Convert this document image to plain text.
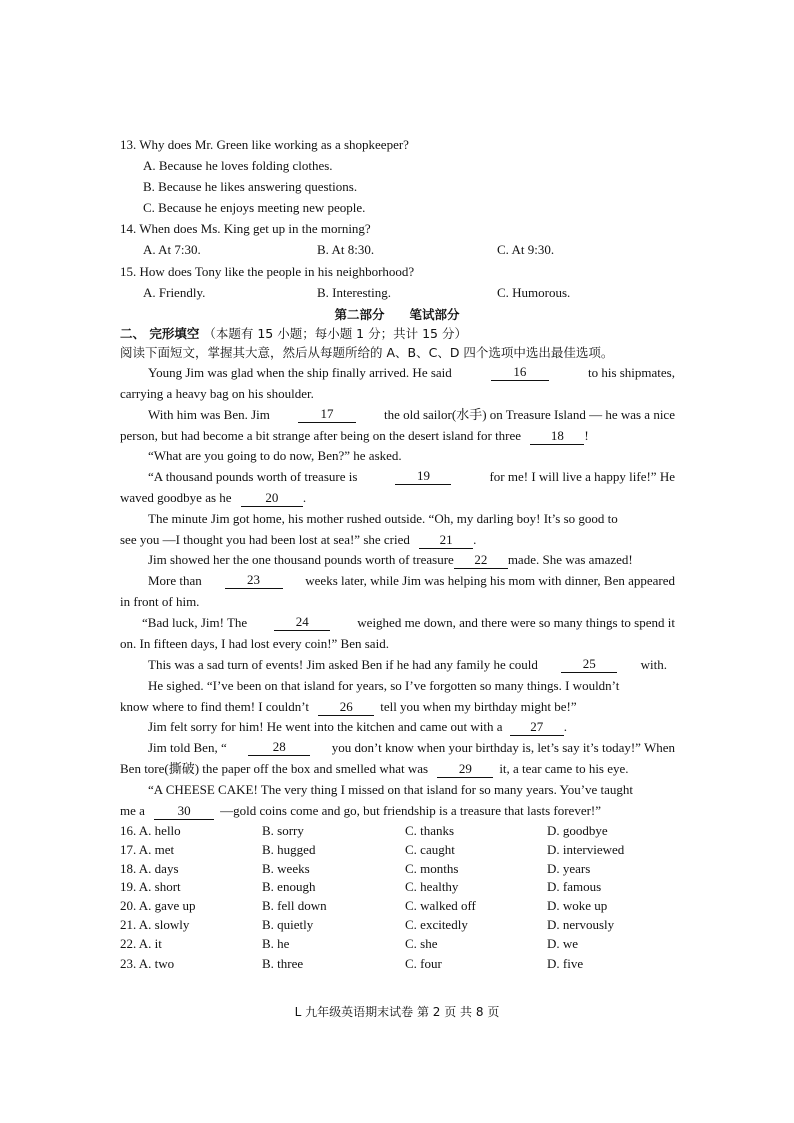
13. Why does Mr. Green like working as a shopkeeper?
A. Because he loves folding clothes.
B. Because he likes answering questions.
C. Because he enjoys meeting new people.
14. When does Ms. King get up in the morning?
A. At 7:30.	B. At 8:30.	C. At 9:30.
15. How does Tony like the people in his neighborhood?
A. Friendly.	B. Interesting.	C. Humorous.
第二部分　　笔试部分
二、 完形填空 （本题有 15 小题；每小题 1 分；共计 15 分）
阅读下面短文，掌握其大意，然后从每题所给的 A、B、C、D 四个选项中选出最佳选项。
Young Jim was glad when the ship finally arrived. He said	16	to his shipmates,
carrying a heavy bag on his shoulder.
With him was Ben. Jim	17	the old sailor(水手) on Treasure Island — he was a nice
person, but had become a bit strange after being on the desert island for three 18 !
“What are you going to do now, Ben?” he asked.
“A thousand pounds worth of treasure is	19	for me! I will live a happy life!” He
waved goodbye as he	20 .
The minute Jim got home, his mother rushed outside. “Oh, my darling boy! It’s so good to
see you —I thought you had been lost at sea!” she cried 21 .
Jim showed her the one thousand pounds worth of treasure 22 made. She was amazed!
More than	23	weeks later, while Jim was helping his mom with dinner, Ben appeared
in front of him.
“Bad luck, Jim! The	24	weighed me down, and there were so many things to spend it
on. In fifteen days, I had lost every coin!” Ben said.
This was a sad turn of events! Jim asked Ben if he had any family he could	25	with.
He sighed. “I’ve been on that island for years, so I’ve forgotten so many things. I wouldn’t
know where to find them! I couldn’t 26 tell you when my birthday might be!”
Jim felt sorry for him! He went into the kitchen and came out with a 27 .
Jim told Ben, “	28	you don’t know when your birthday is, let’s say it’s today!” When
Ben tore(撕破) the paper off the box and smelled what was 29 it, a tear came to his eye.
“A CHEESE CAKE! The very thing I missed on that island for so many years. You’ve taught
me a	30 —gold coins come and go, but friendship is a treasure that lasts forever!”
16. A. hello	B. sorry	C. thanks	D. goodbye
17. A. met	B. hugged	C. caught	D. interviewed
18. A. days	B. weeks	C. months	D. years
19. A. short	B. enough	C. healthy	D. famous
20. A. gave up	B. fell down	C. walked off	D. woke up
21. A. slowly	B. quietly	C. excitedly	D. nervously
22. A. it	B. he	C. she	D. we
23. A. two	B. three	C. four	D. five
L 九年级英语期末试卷 第 2 页 共 8 页
